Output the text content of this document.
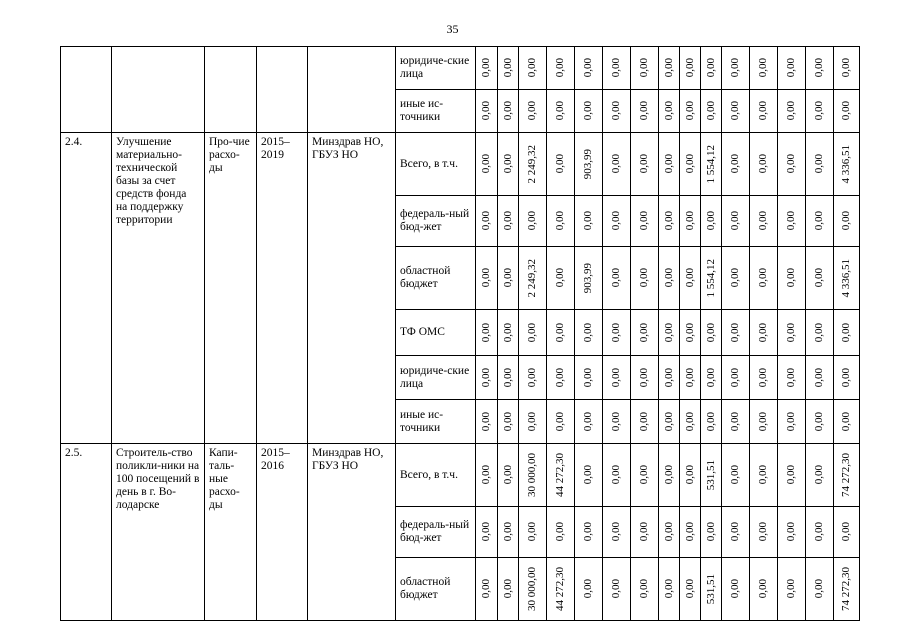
35
					юридиче-ские лица	0,00	0,00	0,00	0,00	0,00	0,00	0,00	0,00	0,00	0,00	0,00	0,00	0,00	0,00	0,00

					иные ис-точники	0,00	0,00	0,00	0,00	0,00	0,00	0,00	0,00	0,00	0,00	0,00	0,00	0,00	0,00	0,00

2.4.	Улучшение материально-технической базы за счет средств фонда на поддержку территории	Про-чие расхо-ды	2015–2019	Минздрав НО, ГБУЗ НО	Всего, в т.ч.	0,00	0,00	2 249,32	0,00	903,99	0,00	0,00	0,00	0,00	1 554,12	0,00	0,00	0,00	0,00	4 336,51

					федераль-ный бюд-жет	0,00	0,00	0,00	0,00	0,00	0,00	0,00	0,00	0,00	0,00	0,00	0,00	0,00	0,00	0,00

					областной бюджет	0,00	0,00	2 249,32	0,00	903,99	0,00	0,00	0,00	0,00	1 554,12	0,00	0,00	0,00	0,00	4 336,51

					ТФ ОМС	0,00	0,00	0,00	0,00	0,00	0,00	0,00	0,00	0,00	0,00	0,00	0,00	0,00	0,00	0,00

					юридиче-ские лица	0,00	0,00	0,00	0,00	0,00	0,00	0,00	0,00	0,00	0,00	0,00	0,00	0,00	0,00	0,00

					иные ис-точники	0,00	0,00	0,00	0,00	0,00	0,00	0,00	0,00	0,00	0,00	0,00	0,00	0,00	0,00	0,00

2.5.	Строитель-ство поликли-ники на 100 посещений в день в г. Во-лодарске	Капи-таль-ные расхо-ды	2015–2016	Минздрав НО, ГБУЗ НО	Всего, в т.ч.	0,00	0,00	30 000,00	44 272,30	0,00	0,00	0,00	0,00	0,00	531,51	0,00	0,00	0,00	0,00	74 272,30

					федераль-ный бюд-жет	0,00	0,00	0,00	0,00	0,00	0,00	0,00	0,00	0,00	0,00	0,00	0,00	0,00	0,00	0,00

					областной бюджет	0,00	0,00	30 000,00	44 272,30	0,00	0,00	0,00	0,00	0,00	531,51	0,00	0,00	0,00	0,00	74 272,30
